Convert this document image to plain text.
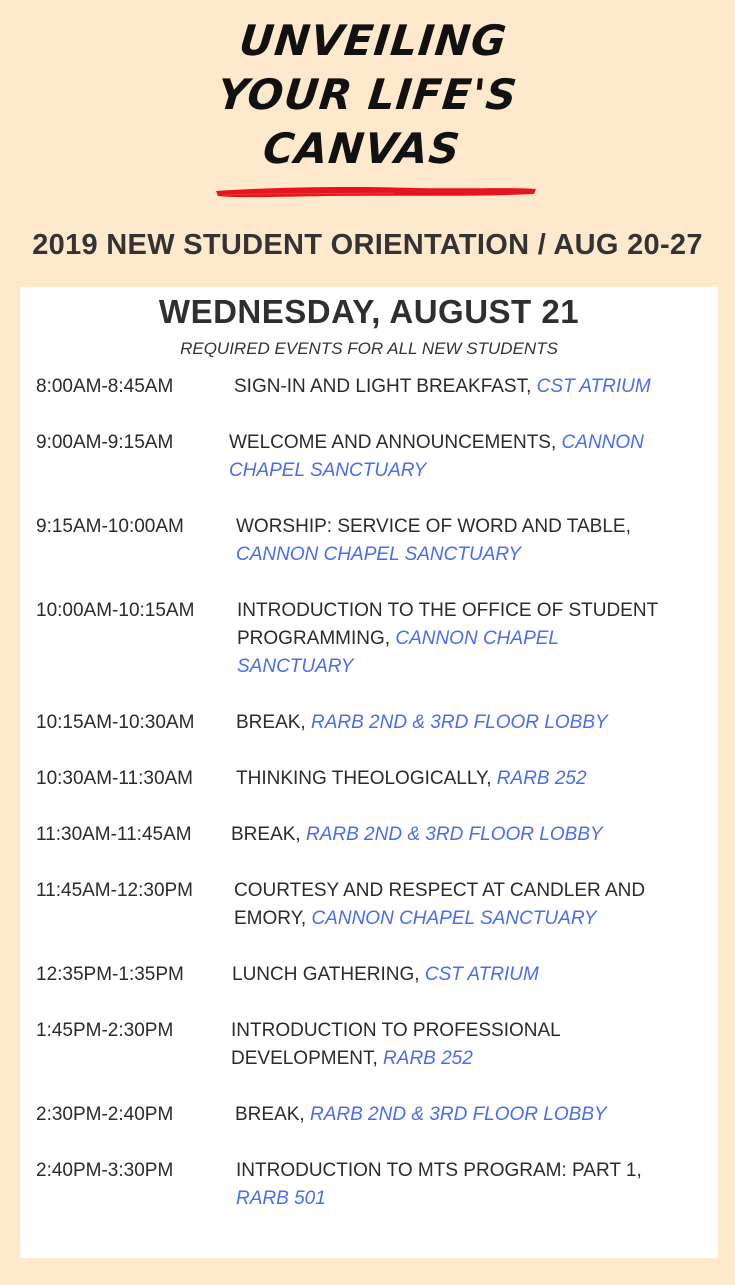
UNVEILING
YOUR LIFE'S
CANVAS
2019 NEW STUDENT ORIENTATION / AUG 20-27
WEDNESDAY, AUGUST 21
REQUIRED EVENTS FOR ALL NEW STUDENTS
8:00AM-8:45AM	SIGN-IN AND LIGHT BREAKFAST, CST ATRIUM
9:00AM-9:15AM	WELCOME AND ANNOUNCEMENTS, CANNON CHAPEL SANCTUARY
9:15AM-10:00AM	WORSHIP: SERVICE OF WORD AND TABLE, CANNON CHAPEL SANCTUARY
10:00AM-10:15AM INTRODUCTION TO THE OFFICE OF STUDENT PROGRAMMING, CANNON CHAPEL SANCTUARY
10:15AM-10:30AM BREAK, RARB 2ND & 3RD FLOOR LOBBY
10:30AM-11:30AM THINKING THEOLOGICALLY, RARB 252
11:30AM-11:45AM BREAK, RARB 2ND & 3RD FLOOR LOBBY
11:45AM-12:30PM COURTESY AND RESPECT AT CANDLER AND EMORY, CANNON CHAPEL SANCTUARY
12:35PM-1:35PM	LUNCH GATHERING, CST ATRIUM
1:45PM-2:30PM	INTRODUCTION TO PROFESSIONAL DEVELOPMENT, RARB 252
2:30PM-2:40PM	BREAK, RARB 2ND & 3RD FLOOR LOBBY
2:40PM-3:30PM	INTRODUCTION TO MTS PROGRAM: PART 1, RARB 501
